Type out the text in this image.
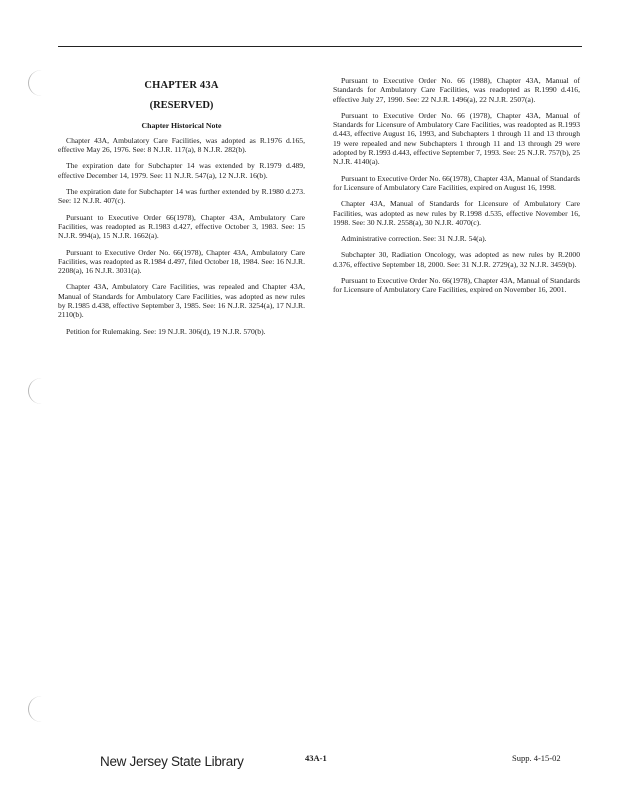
CHAPTER 43A
(RESERVED)
Chapter Historical Note

Chapter 43A, Ambulatory Care Facilities, was adopted as R.1976 d.165, effective May 26, 1976. See: 8 N.J.R. 117(a), 8 N.J.R. 282(b).

The expiration date for Subchapter 14 was extended by R.1979 d.489, effective December 14, 1979. See: 11 N.J.R. 547(a), 12 N.J.R. 16(b).

The expiration date for Subchapter 14 was further extended by R.1980 d.273. See: 12 N.J.R. 407(c).

Pursuant to Executive Order 66(1978), Chapter 43A, Ambulatory Care Facilities, was readopted as R.1983 d.427, effective October 3, 1983. See: 15 N.J.R. 994(a), 15 N.J.R. 1662(a).

Pursuant to Executive Order No. 66(1978), Chapter 43A, Ambulatory Care Facilities, was readopted as R.1984 d.497, filed October 18, 1984. See: 16 N.J.R. 2208(a), 16 N.J.R. 3031(a).

Chapter 43A, Ambulatory Care Facilities, was repealed and Chapter 43A, Manual of Standards for Ambulatory Care Facilities, was adopted as new rules by R.1985 d.438, effective September 3, 1985. See: 16 N.J.R. 3254(a), 17 N.J.R. 2110(b).

Petition for Rulemaking. See: 19 N.J.R. 306(d), 19 N.J.R. 570(b).

Pursuant to Executive Order No. 66 (1988), Chapter 43A, Manual of Standards for Ambulatory Care Facilities, was readopted as R.1990 d.416, effective July 27, 1990. See: 22 N.J.R. 1496(a), 22 N.J.R. 2507(a).

Pursuant to Executive Order No. 66 (1978), Chapter 43A, Manual of Standards for Licensure of Ambulatory Care Facilities, was readopted as R.1993 d.443, effective August 16, 1993, and Subchapters 1 through 11 and 13 through 19 were repealed and new Subchapters 1 through 11 and 13 through 29 were adopted by R.1993 d.443, effective September 7, 1993. See: 25 N.J.R. 757(b), 25 N.J.R. 4140(a).

Pursuant to Executive Order No. 66(1978), Chapter 43A, Manual of Standards for Licensure of Ambulatory Care Facilities, expired on August 16, 1998.

Chapter 43A, Manual of Standards for Licensure of Ambulatory Care Facilities, was adopted as new rules by R.1998 d.535, effective November 16, 1998. See: 30 N.J.R. 2558(a), 30 N.J.R. 4070(c).

Administrative correction. See: 31 N.J.R. 54(a).

Subchapter 30, Radiation Oncology, was adopted as new rules by R.2000 d.376, effective September 18, 2000. See: 31 N.J.R. 2729(a), 32 N.J.R. 3459(b).

Pursuant to Executive Order No. 66(1978), Chapter 43A, Manual of Standards for Licensure of Ambulatory Care Facilities, expired on November 16, 2001.

New Jersey State Library	43A-1	Supp. 4-15-02
